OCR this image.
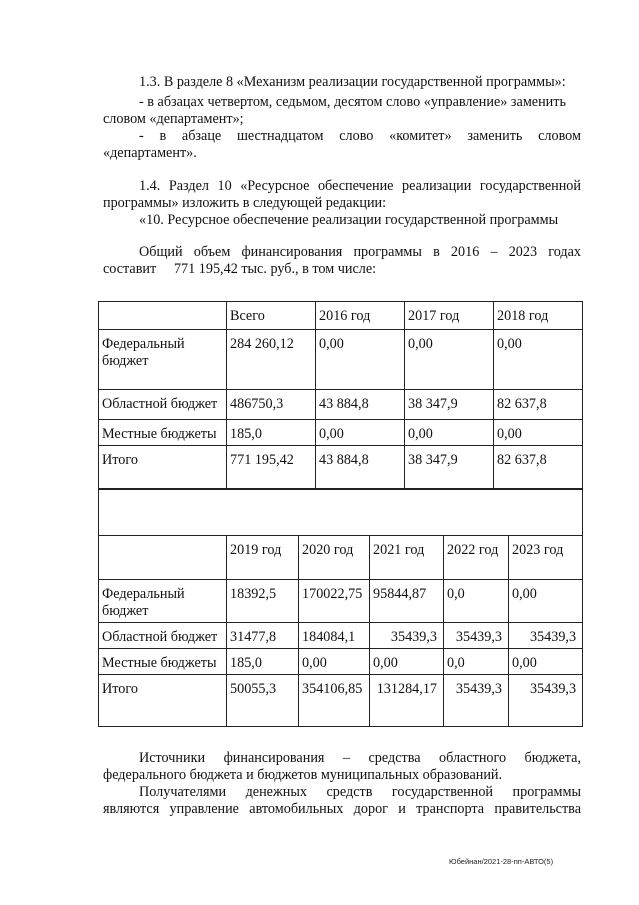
1.3. В разделе 8 «Механизм реализации государственной программы»:

- в абзацах четвертом, седьмом, десятом слово «управление» заменить

словом «департамент»;

- в абзаце шестнадцатом слово «комитет» заменить словом

«департамент».

1.4. Раздел 10 «Ресурсное обеспечение реализации государственной

программы» изложить в следующей редакции:

«10. Ресурсное обеспечение реализации государственной программы

Общий объем финансирования программы в 2016 – 2023 годах

составит     771 195,42 тыс. руб., в том числе:

	Всего	2016 год	2017 год	2018 год
Федеральный бюджет	284 260,12	0,00	0,00	0,00
Областной бюджет	486750,3	43 884,8	38 347,9	82 637,8
Местные бюджеты	185,0	0,00	0,00	0,00
Итого	771 195,42	43 884,8	38 347,9	82 637,8

	2019 год	2020 год	2021 год	2022 год	2023 год
Федеральный бюджет	18392,5	170022,75	95844,87	0,0	0,00
Областной бюджет	31477,8	184084,1	35439,3	35439,3	35439,3
Местные бюджеты	185,0	0,00	0,00	0,0	0,00
Итого	50055,3	354106,85	131284,17	35439,3	35439,3

Источники финансирования – средства областного бюджета,

федерального бюджета и бюджетов муниципальных образований.

Получателями денежных средств государственной программы

являются управление автомобильных дорог и транспорта правительства

Юбейнан/2021-28-пп-АВТО(5)
